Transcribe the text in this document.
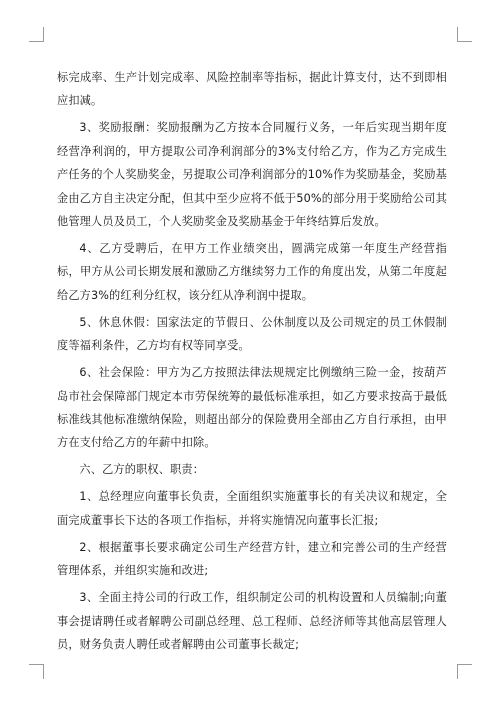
标完成率、生产计划完成率、风险控制率等指标，据此计算支付，达不到即相应扣减。

3、奖励报酬：奖励报酬为乙方按本合同履行义务，一年后实现当期年度经营净利润的，甲方提取公司净利润部分的3%支付给乙方，作为乙方完成生产任务的个人奖励奖金，另提取公司净利润部分的10%作为奖励基金，奖励基金由乙方自主决定分配，但其中至少应将不低于50%的部分用于奖励给公司其他管理人员及员工，个人奖励奖金及奖励基金于年终结算后发放。

4、乙方受聘后，在甲方工作业绩突出，圆满完成第一年度生产经营指标，甲方从公司长期发展和激励乙方继续努力工作的角度出发，从第二年度起给乙方3%的红利分红权，该分红从净利润中提取。

5、休息休假：国家法定的节假日、公休制度以及公司规定的员工休假制度等福利条件，乙方均有权等同享受。

6、社会保险：甲方为乙方按照法律法规规定比例缴纳三险一金，按葫芦岛市社会保障部门规定本市劳保统筹的最低标准承担，如乙方要求按高于最低标准线其他标准缴纳保险，则超出部分的保险费用全部由乙方自行承担，由甲方在支付给乙方的年薪中扣除。

六、乙方的职权、职责：

1、总经理应向董事长负责，全面组织实施董事长的有关决议和规定，全面完成董事长下达的各项工作指标，并将实施情况向董事长汇报;

2、根据董事长要求确定公司生产经营方针，建立和完善公司的生产经营管理体系，并组织实施和改进;

3、全面主持公司的行政工作，组织制定公司的机构设置和人员编制;向董事会提请聘任或者解聘公司副总经理、总工程师、总经济师等其他高层管理人员，财务负责人聘任或者解聘由公司董事长裁定;
